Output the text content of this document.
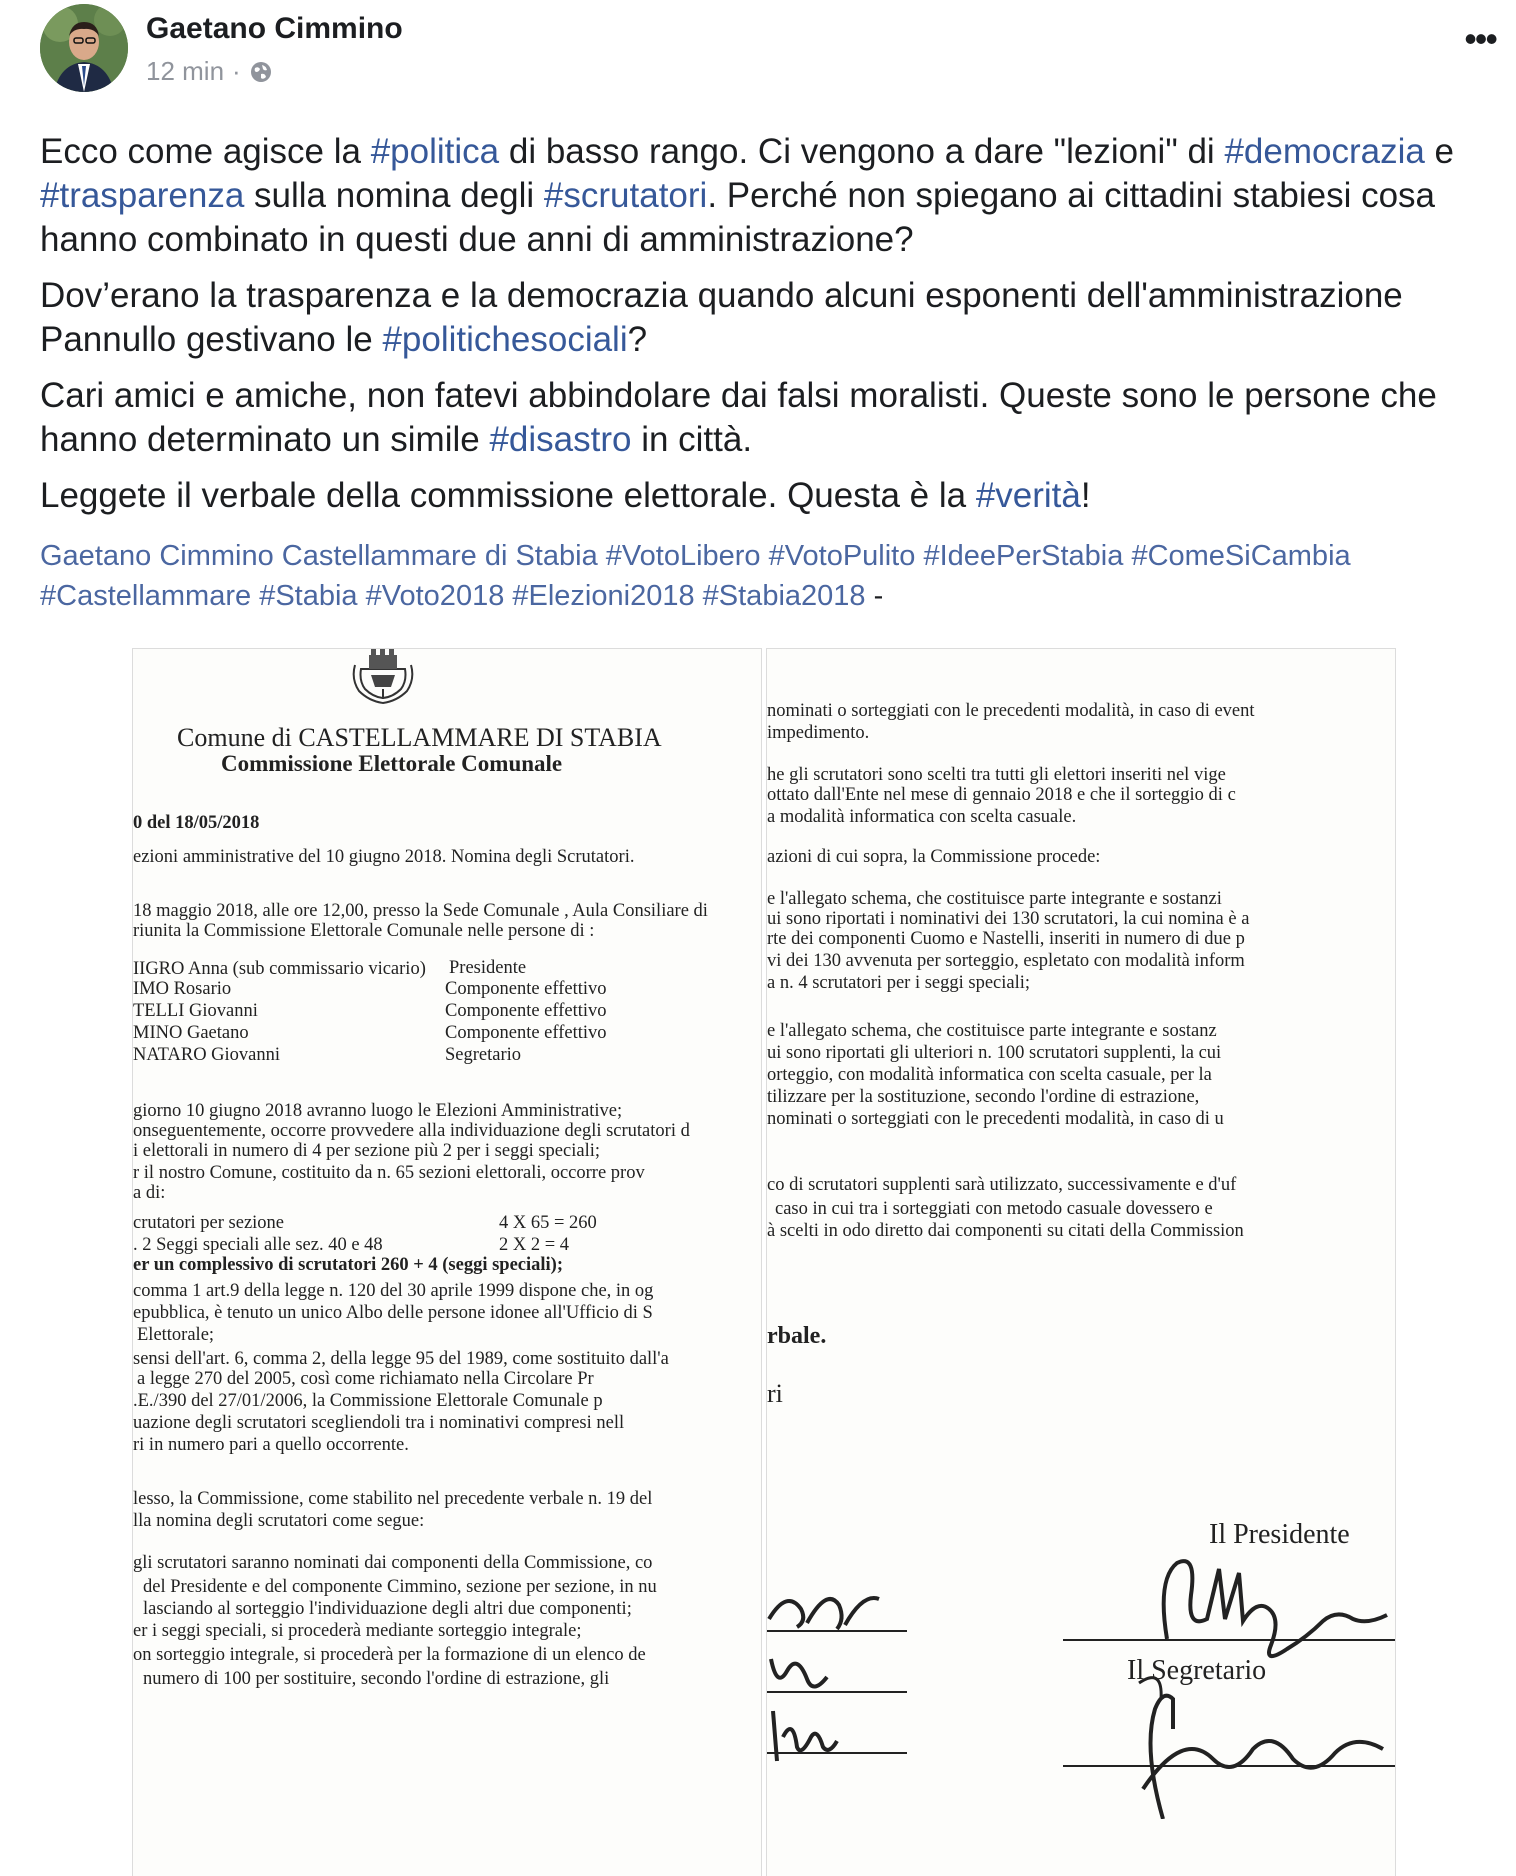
Gaetano Cimmino
12 min ·
•••

Ecco come agisce la #politica di basso rango. Ci vengono a dare "lezioni" di #democrazia e #trasparenza sulla nomina degli #scrutatori. Perché non spiegano ai cittadini stabiesi cosa hanno combinato in questi due anni di amministrazione?

Dov’erano la trasparenza e la democrazia quando alcuni esponenti dell'amministrazione Pannullo gestivano le #politichesociali?

Cari amici e amiche, non fatevi abbindolare dai falsi moralisti. Queste sono le persone che hanno determinato un simile #disastro in città.

Leggete il verbale della commissione elettorale. Questa è la #verità!

Gaetano Cimmino Castellammare di Stabia #VotoLibero #VotoPulito #IdeePerStabia #ComeSiCambia #Castellammare #Stabia #Voto2018 #Elezioni2018 #Stabia2018 -
Comune di CASTELLAMMARE DI STABIA
Commissione Elettorale Comunale
0 del 18/05/2018
ezioni amministrative del 10 giugno 2018. Nomina degli Scrutatori.
18 maggio 2018, alle ore 12,00, presso la Sede Comunale , Aula Consiliare di
riunita la Commissione Elettorale Comunale nelle persone di :
IIGRO Anna (sub commissario vicario)
IMO Rosario
TELLI Giovanni
MINO Gaetano
NATARO Giovanni
giorno 10 giugno 2018 avranno luogo le Elezioni Amministrative;
onseguentemente, occorre provvedere alla individuazione degli scrutatori d
i elettorali in numero di 4 per sezione più 2 per i seggi speciali;
r il nostro Comune, costituito da n. 65 sezioni elettorali, occorre prov
a di:
crutatori per sezione
. 2 Seggi speciali alle sez. 40 e 48
er un complessivo di scrutatori 260 + 4 (seggi speciali);
comma 1 art.9 della legge n. 120 del 30 aprile 1999 dispone che, in og
epubblica, è tenuto un unico Albo delle persone idonee all'Ufficio di S
Elettorale;
sensi dell'art. 6, comma 2, della legge 95 del 1989, come sostituito dall'a
a legge 270 del 2005, così come richiamato nella Circolare Pr
.E./390 del 27/01/2006, la Commissione Elettorale Comunale p
uazione degli scrutatori scegliendoli tra i nominativi compresi nell
ri in numero pari a quello occorrente.
lesso, la Commissione, come stabilito nel precedente verbale n. 19 del
lla nomina degli scrutatori come segue:
gli scrutatori saranno nominati dai componenti della Commissione, co
del Presidente e del componente Cimmino, sezione per sezione, in nu
lasciando al sorteggio l'individuazione degli altri due componenti;
er i seggi speciali, si procederà mediante sorteggio integrale;
on sorteggio integrale, si procederà per la formazione di un elenco de
numero di 100 per sostituire, secondo l'ordine di estrazione, gli
Presidente
Componente effettivo
Componente effettivo
Componente effettivo
Segretario
4 X 65 = 260
2 X 2 = 4
nominati o sorteggiati con le precedenti modalità, in caso di event
impedimento.
he gli scrutatori sono scelti tra tutti gli elettori inseriti nel vige
ottato dall'Ente nel mese di gennaio 2018 e che il sorteggio di c
a modalità informatica con scelta casuale.
azioni di cui sopra, la Commissione procede:
e l'allegato schema, che costituisce parte integrante e sostanzi
ui sono riportati i nominativi dei 130 scrutatori, la cui nomina è a
rte dei componenti Cuomo e Nastelli, inseriti in numero di due p
vi dei 130 avvenuta per sorteggio, espletato con modalità inform
a n. 4 scrutatori per i seggi speciali;
e l'allegato schema, che costituisce parte integrante e sostanz
ui sono riportati gli ulteriori n. 100 scrutatori supplenti, la cui
orteggio, con modalità informatica con scelta casuale, per la
tilizzare per la sostituzione, secondo l'ordine di estrazione,
nominati o sorteggiati con le precedenti modalità, in caso di u
co di scrutatori supplenti sarà utilizzato, successivamente e d'uf
caso in cui tra i sorteggiati con metodo casuale dovessero e
à scelti in odo diretto dai componenti su citati della Commission
rbale.
ri
Il Presidente
Il Segretario
